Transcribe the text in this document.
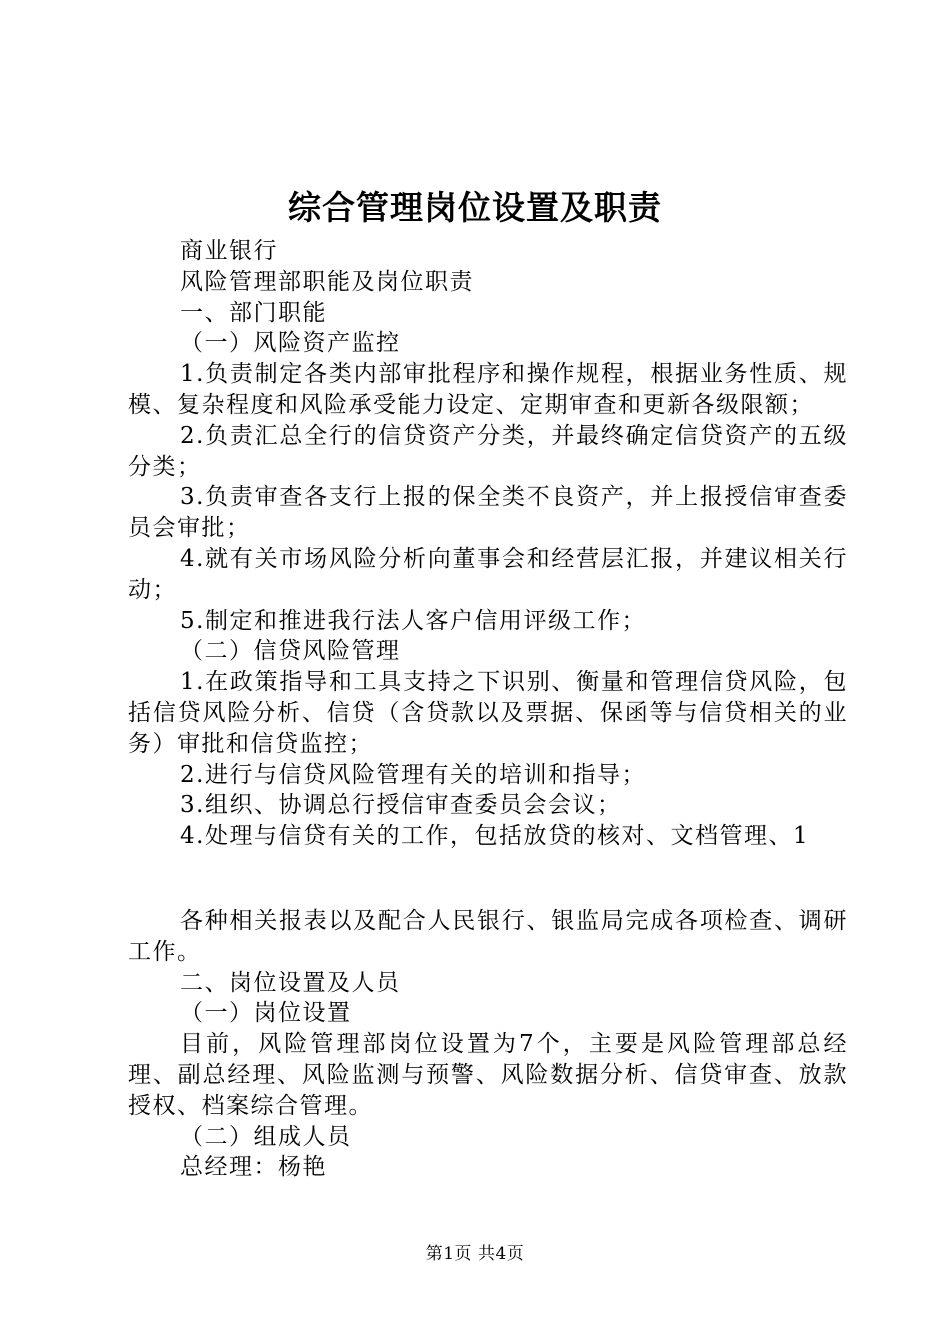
综合管理岗位设置及职责

商业银行

风险管理部职能及岗位职责

一、部门职能

（一）风险资产监控

1.负责制定各类内部审批程序和操作规程，根据业务性质、规模、复杂程度和风险承受能力设定、定期审查和更新各级限额；

2.负责汇总全行的信贷资产分类，并最终确定信贷资产的五级分类；

3.负责审查各支行上报的保全类不良资产，并上报授信审查委员会审批；

4.就有关市场风险分析向董事会和经营层汇报，并建议相关行动；

5.制定和推进我行法人客户信用评级工作；

（二）信贷风险管理

1.在政策指导和工具支持之下识别、衡量和管理信贷风险，包括信贷风险分析、信贷（含贷款以及票据、保函等与信贷相关的业务）审批和信贷监控；

2.进行与信贷风险管理有关的培训和指导；

3.组织、协调总行授信审查委员会会议；

4.处理与信贷有关的工作，包括放贷的核对、文档管理、1

各种相关报表以及配合人民银行、银监局完成各项检查、调研工作。

二、岗位设置及人员

（一）岗位设置

目前，风险管理部岗位设置为7个，主要是风险管理部总经理、副总经理、风险监测与预警、风险数据分析、信贷审查、放款授权、档案综合管理。

（二）组成人员

总经理：杨艳

第1页 共4页
